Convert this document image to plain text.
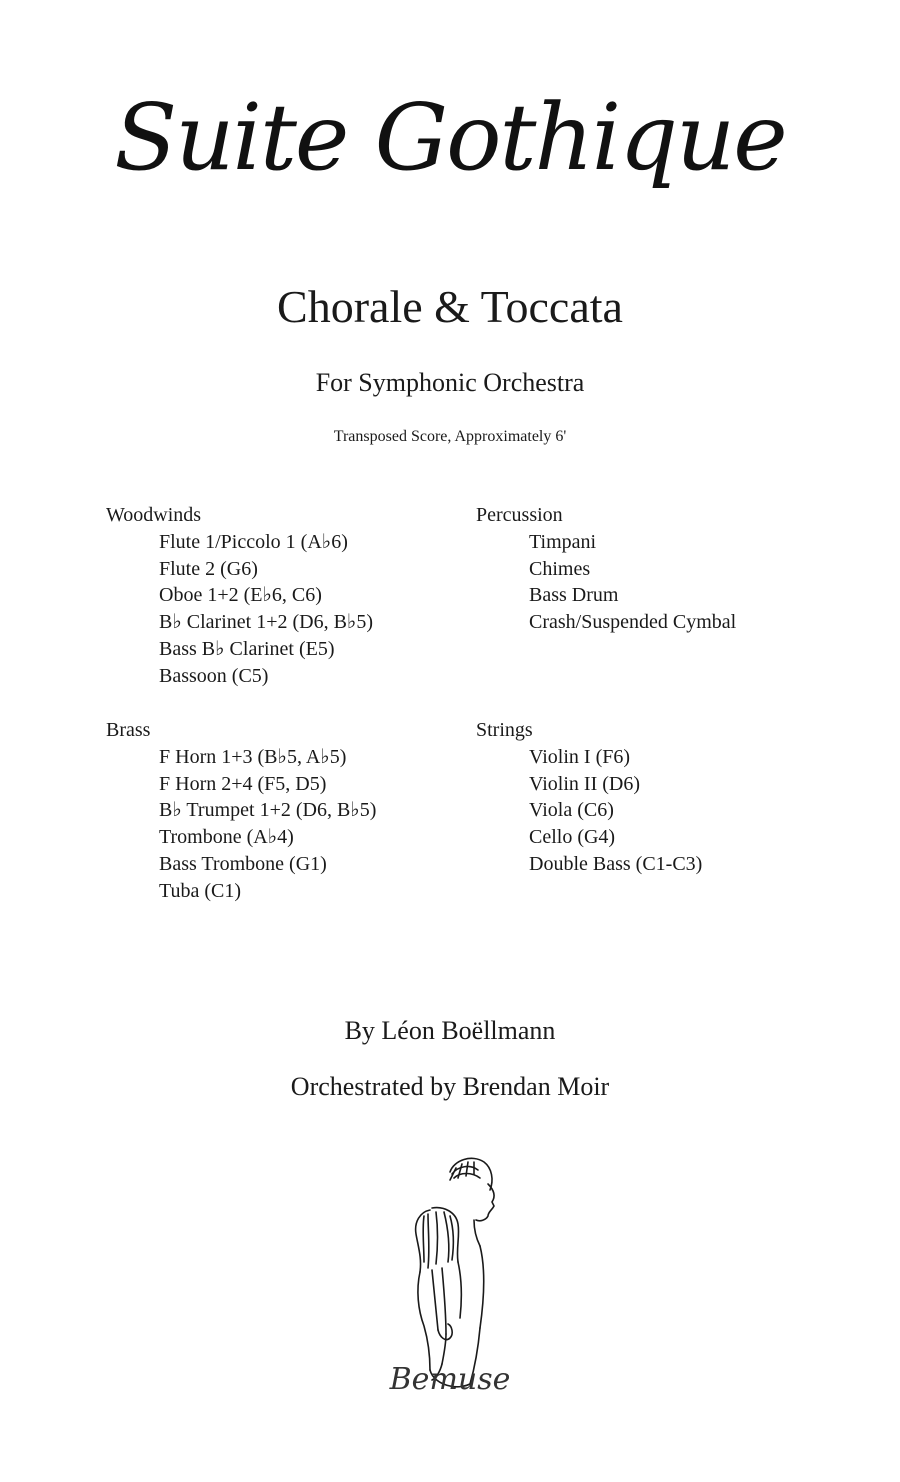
Suite Gothique
Chorale & Toccata
For Symphonic Orchestra
Transposed Score, Approximately 6'
Woodwinds
Flute 1/Piccolo 1 (A♭6)
Flute 2 (G6)
Oboe 1+2 (E♭6, C6)
B♭ Clarinet 1+2 (D6, B♭5)
Bass B♭ Clarinet (E5)
Bassoon (C5)
Percussion
Timpani
Chimes
Bass Drum
Crash/Suspended Cymbal
Brass
F Horn 1+3 (B♭5, A♭5)
F Horn 2+4 (F5, D5)
B♭ Trumpet 1+2 (D6, B♭5)
Trombone (A♭4)
Bass Trombone (G1)
Tuba (C1)
Strings
Violin I (F6)
Violin II (D6)
Viola (C6)
Cello (G4)
Double Bass (C1-C3)
By Léon Boëllmann
Orchestrated by Brendan Moir
Bemuse
